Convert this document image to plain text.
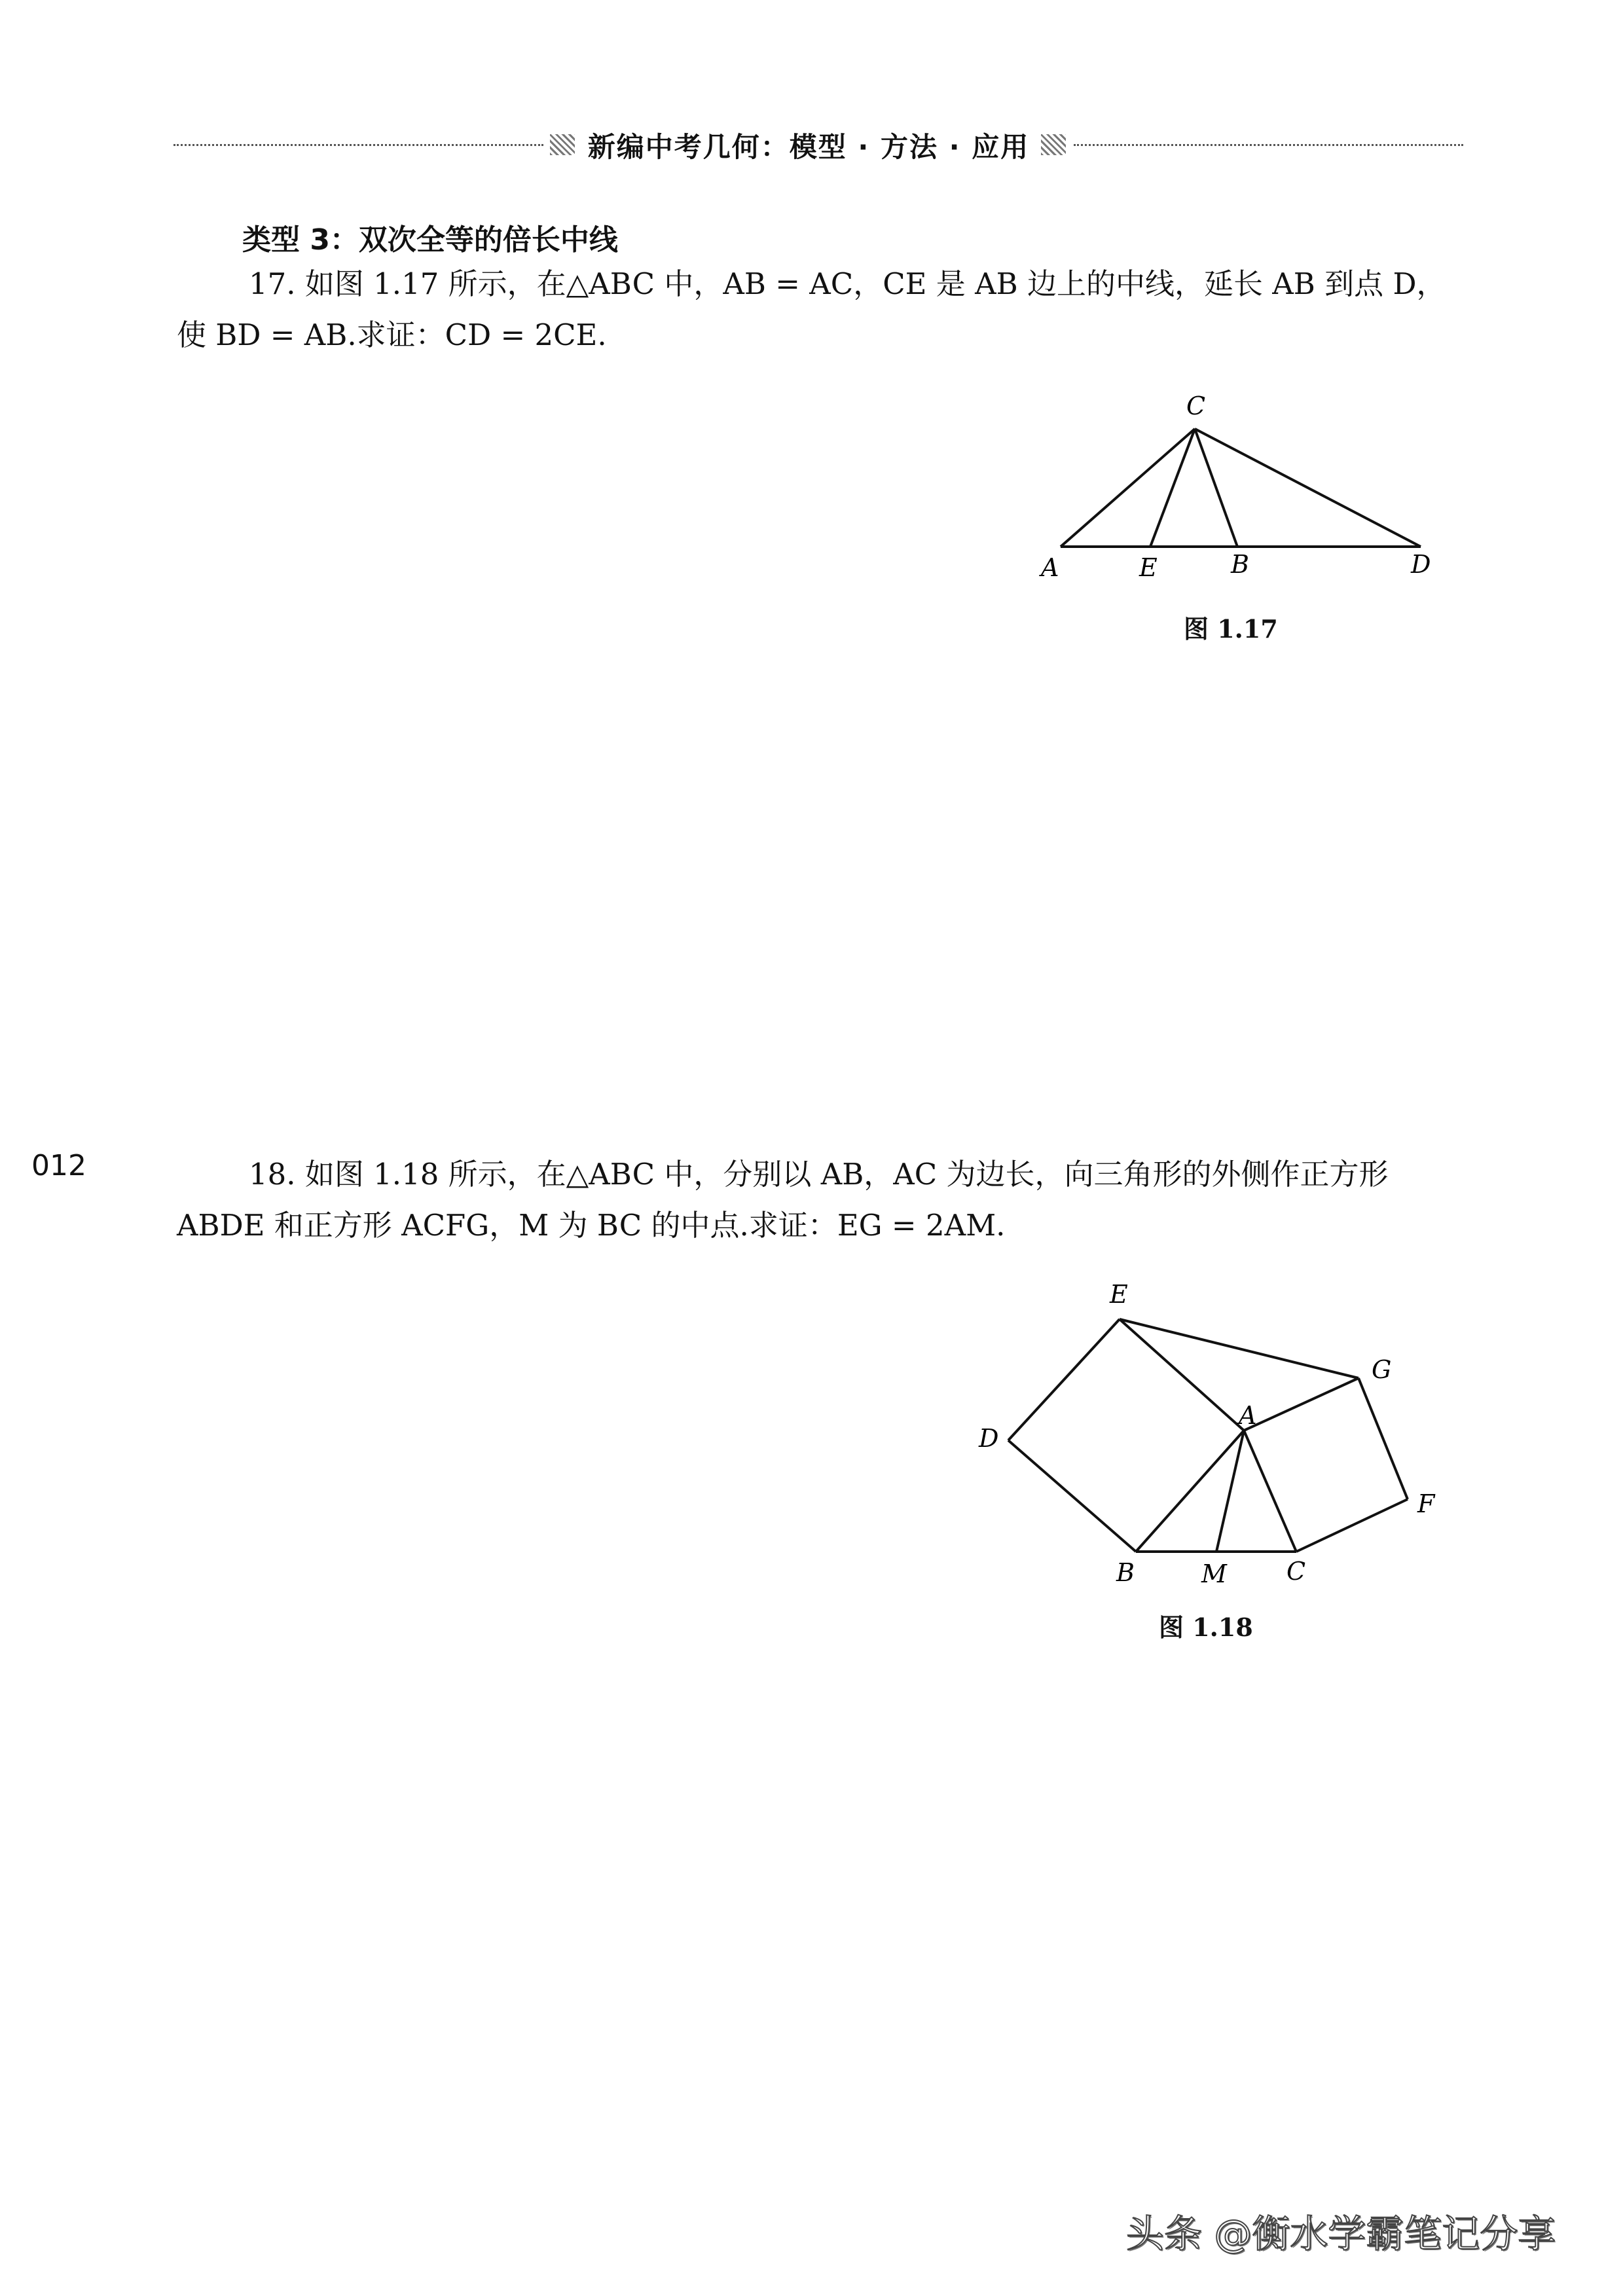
新编中考几何：模型 · 方法 · 应用
类型 3：双次全等的倍长中线

17. 如图 1.17 所示，在△ABC 中，AB = AC，CE 是 AB 边上的中线，延长 AB 到点 D，

使 BD = AB.求证：CD = 2CE.

C
A	E	B	D
图 1.17

18. 如图 1.18 所示，在△ABC 中，分别以 AB，AC 为边长，向三角形的外侧作正方形

ABDE 和正方形 ACFG，M 为 BC 的中点.求证：EG = 2AM.

E
G
A
D
F
B	M C
图 1.18
012
头条 @衡水学霸笔记分享
